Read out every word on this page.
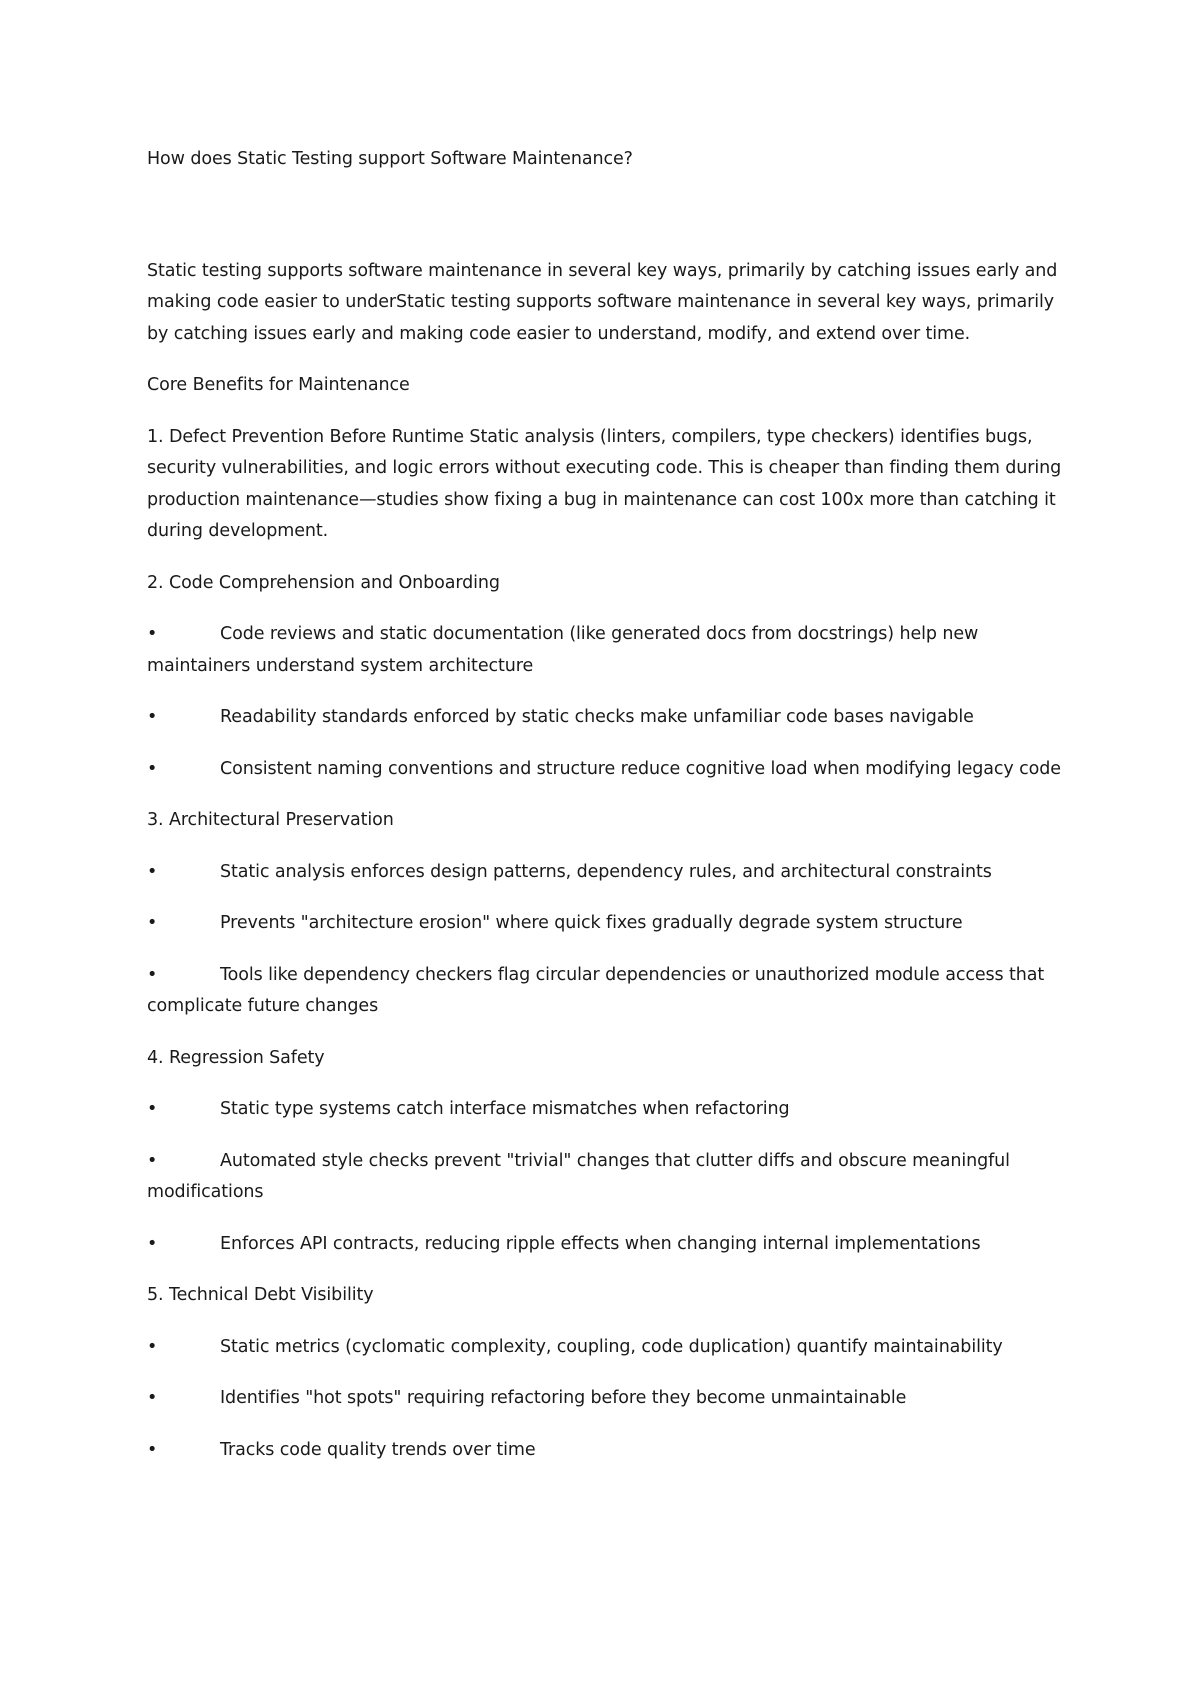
How does Static Testing support Software Maintenance?

Static testing supports software maintenance in several key ways, primarily by catching issues early and making code easier to underStatic testing supports software maintenance in several key ways, primarily by catching issues early and making code easier to understand, modify, and extend over time.

Core Benefits for Maintenance

1. Defect Prevention Before Runtime Static analysis (linters, compilers, type checkers) identifies bugs, security vulnerabilities, and logic errors without executing code. This is cheaper than finding them during production maintenance—studies show fixing a bug in maintenance can cost 100x more than catching it during development.

2. Code Comprehension and Onboarding

•	Code reviews and static documentation (like generated docs from docstrings) help new maintainers understand system architecture

•	Readability standards enforced by static checks make unfamiliar code bases navigable

•	Consistent naming conventions and structure reduce cognitive load when modifying legacy code

3. Architectural Preservation

•	Static analysis enforces design patterns, dependency rules, and architectural constraints

•	Prevents "architecture erosion" where quick fixes gradually degrade system structure

•	Tools like dependency checkers flag circular dependencies or unauthorized module access that complicate future changes

4. Regression Safety

•	Static type systems catch interface mismatches when refactoring

•	Automated style checks prevent "trivial" changes that clutter diffs and obscure meaningful modifications

•	Enforces API contracts, reducing ripple effects when changing internal implementations

5. Technical Debt Visibility

•	Static metrics (cyclomatic complexity, coupling, code duplication) quantify maintainability

•	Identifies "hot spots" requiring refactoring before they become unmaintainable

•	Tracks code quality trends over time
